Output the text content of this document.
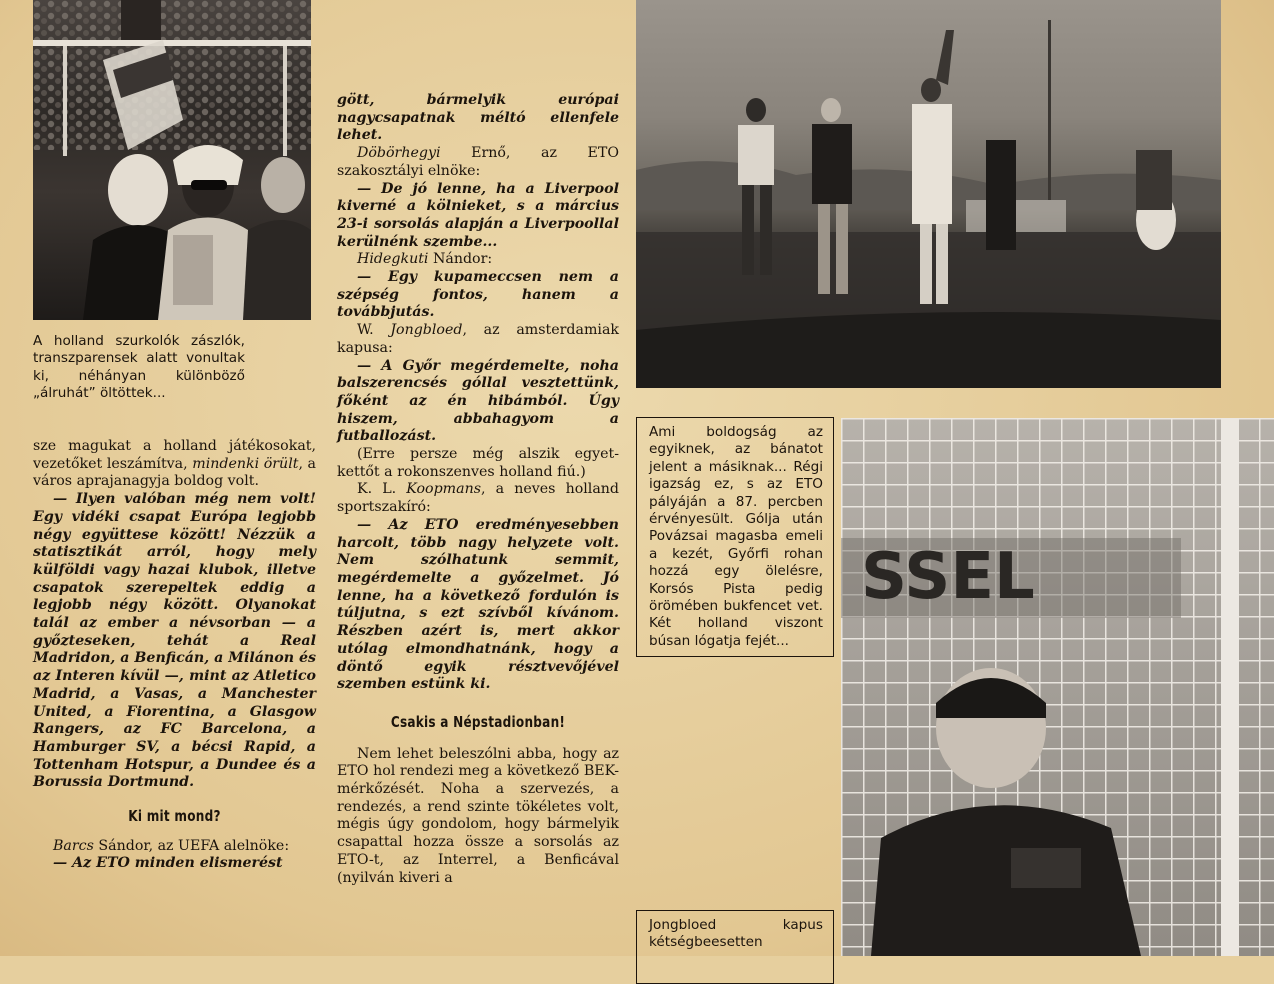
A holland szurkolók zászlók, transzparensek alatt vonultak ki, néhányan különböző „álruhát” öltöttek...

sze magukat a holland játékosokat, vezetőket leszámítva, mindenki örült, a város aprajanagyja boldog volt.

— Ilyen valóban még nem volt! Egy vidéki csapat Európa legjobb négy együttese között! Nézzük a statisztikát arról, hogy mely külföldi vagy hazai klubok, illetve csapatok szerepeltek eddig a legjobb négy között. Olyanokat talál az ember a névsorban — a győzteseken, tehát a Real Madridon, a Benficán, a Milánon és az Interen kívül —, mint az Atletico Madrid, a Vasas, a Manchester United, a Fiorentina, a Glasgow Rangers, az FC Barcelona, a Hamburger SV, a bécsi Rapid, a Tottenham Hotspur, a Dundee és a Borussia Dortmund.

Ki mit mond?

Barcs Sándor, az UEFA alelnöke:

— Az ETO minden elismerést

gött, bármelyik európai nagycsapatnak méltó ellenfele lehet.

Döbörhegyi Ernő, az ETO szakosztályi elnöke:

— De jó lenne, ha a Liverpool kiverné a kölnieket, s a március 23-i sorsolás alapján a Liverpoollal kerülnénk szembe...

Hidegkuti Nándor:

— Egy kupameccsen nem a szépség fontos, hanem a továbbjutás.

W. Jongbloed, az amsterdamiak kapusa:

— A Győr megérdemelte, noha balszerencsés góllal vesztettünk, főként az én hibámból. Úgy hiszem, abbahagyom a futballozást.

(Erre persze még alszik egyet-kettőt a rokonszenves holland fiú.)

K. L. Koopmans, a neves holland sportszakíró:

— Az ETO eredményesebben harcolt, több nagy helyzete volt. Nem szólhatunk semmit, megérdemelte a győzelmet. Jó lenne, ha a következő fordulón is túljutna, s ezt szívből kívánom. Részben azért is, mert akkor utólag elmondhatnánk, hogy a döntő egyik résztvevőjével szemben estünk ki.

Csakis a Népstadionban!

Nem lehet beleszólni abba, hogy az ETO hol rendezi meg a következő BEK-mérkőzését. Noha a szervezés, a rendezés, a rend szinte tökéletes volt, mégis úgy gondolom, hogy bármelyik csapattal hozza össze a sorsolás az ETO-t, az Interrel, a Benficával (nyilván kiveri a

Ami boldogság az egyiknek, az bánatot jelent a másiknak... Régi igazság ez, s az ETO pályáján a 87. percben érvényesült. Gólja után Povázsai magasba emeli a kezét, Győrfi rohan hozzá egy ölelésre, Korsós Pista pedig örömében bukfencet vet. Két holland viszont búsan lógatja fejét...

SSEL

Jongbloed kapus kétségbeesetten
